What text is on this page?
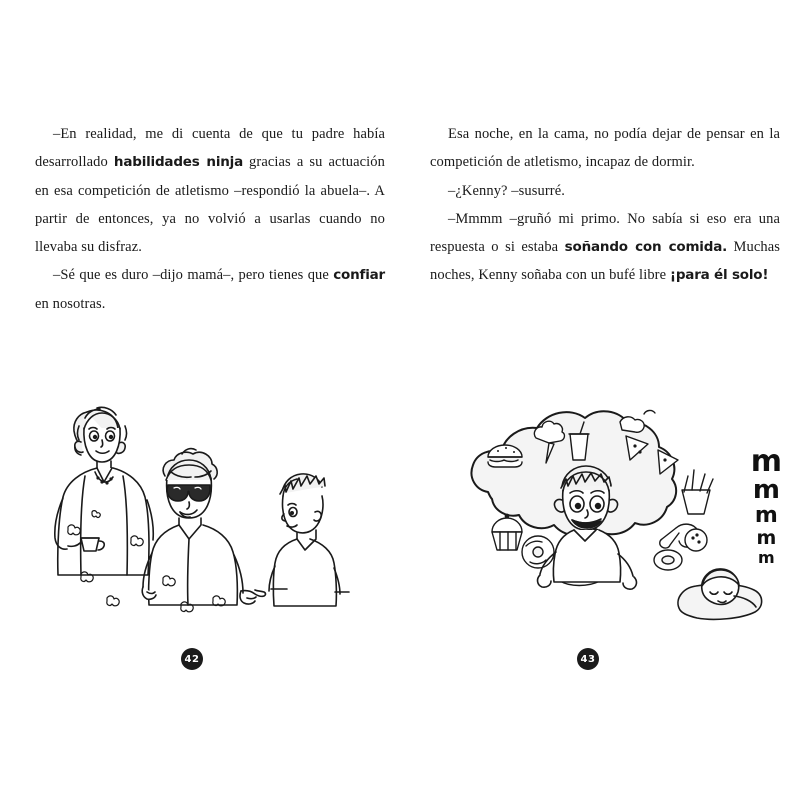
–En realidad, me di cuenta de que tu padre había desarrollado habilidades ninja gracias a su actuación en esa competición de atletismo –respondió la abuela–. A partir de entonces, ya no volvió a usarlas cuando no llevaba su disfraz.

–Sé que es duro –dijo mamá–, pero tienes que confiar en nosotras.

42

Esa noche, en la cama, no podía dejar de pensar en la competición de atletismo, incapaz de dormir.

–¿Kenny? –susurré.

–Mmmm –gruñó mi primo. No sabía si eso era una respuesta o si estaba soñando con comida. Muchas noches, Kenny soñaba con un bufé libre ¡para él solo!

m
m
m
m
m
43
